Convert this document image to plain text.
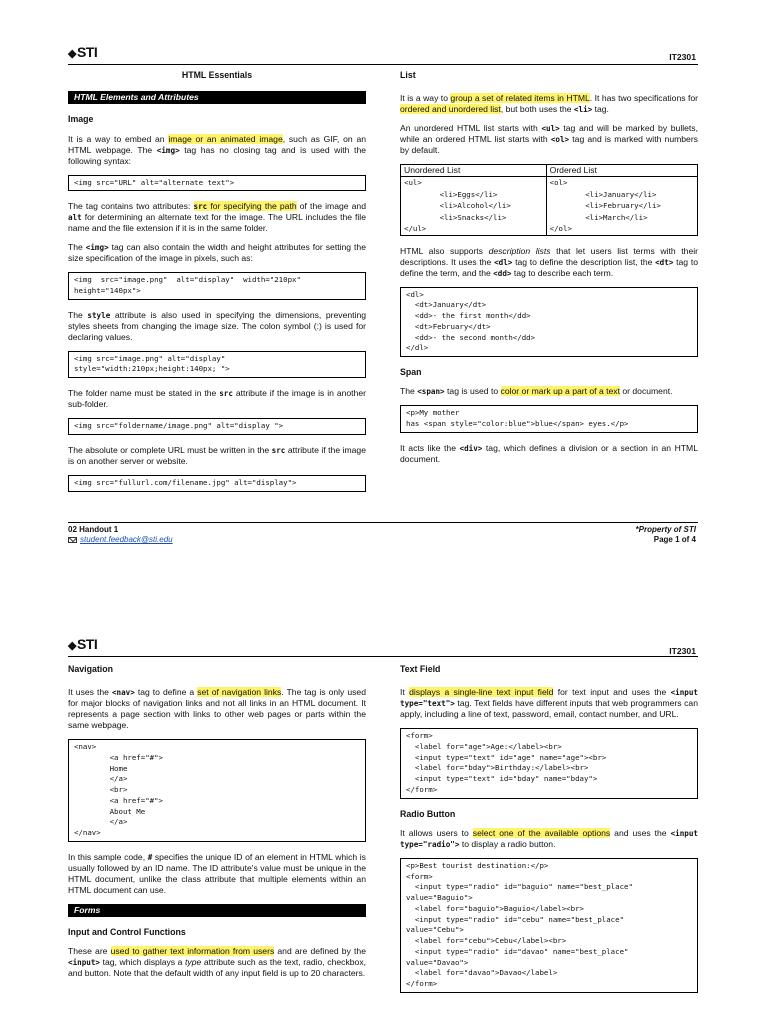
◆STI	IT2301
HTML Essentials
HTML Elements and Attributes
Image

It is a way to embed an image or an animated image, such as GIF, on an HTML webpage. The <img> tag has no closing tag and is used with the following syntax:

<img src="URL" alt="alternate text">

The tag contains two attributes: src for specifying the path of the image and alt for determining an alternate text for the image. The URL includes the file name and the file extension if it is in the same folder.

The <img> tag can also contain the width and height attributes for setting the size specification of the image in pixels, such as:

<img  src="image.png"  alt="display"  width="210px"
height="140px">

The style attribute is also used in specifying the dimensions, preventing styles sheets from changing the image size. The colon symbol (:) is used for declaring values.

<img src="image.png" alt="display"
style="width:210px;height:140px; ">

The folder name must be stated in the src attribute if the image is in another sub-folder.

<img src="foldername/image.png" alt="display ">

The absolute or complete URL must be written in the src attribute if the image is on another server or website.

<img src="fullurl.com/filename.jpg" alt="display">
List

It is a way to group a set of related items in HTML. It has two specifications for ordered and unordered list, but both uses the <li> tag.

An unordered HTML list starts with <ul> tag and will be marked by bullets, while an ordered HTML list starts with <ol> tag and is marked with numbers by default.

Unordered List	Ordered List
<ul>
<li>Eggs</li>
<li>Alcohol</li>
<li>Snacks</li>
</ul>	<ol>
<li>January</li>
<li>February</li>
<li>March</li>
</ol>

HTML also supports description lists that let users list terms with their descriptions. It uses the <dl> tag to define the description list, the <dt> tag to define the term, and the <dd> tag to describe each term.

<dl>
<dt>January</dt>
<dd>- the first month</dd>
<dt>February</dt>
<dd>- the second month</dd>
</dl>
Span

The <span> tag is used to color or mark up a part of a text or document.

<p>My mother
has <span style="color:blue">blue</span> eyes.</p>

It acts like the <div> tag, which defines a division or a section in an HTML document.

02 Handout 1
student.feedback@sti.edu
*Property of STI
Page 1 of 4
◆STI	IT2301
Navigation

It uses the <nav> tag to define a set of navigation links. The tag is only used for major blocks of navigation links and not all links in an HTML document. It represents a page section with links to other web pages or parts within the same webpage.

<nav>
<a href="#">
Home
</a>
<br>
<a href="#">
About Me
</a>
</nav>

In this sample code, # specifies the unique ID of an element in HTML which is usually followed by an ID name. The ID attribute's value must be unique in the HTML document, unlike the class attribute that multiple elements within an HTML document can use.

Forms
Input and Control Functions

These are used to gather text information from users and are defined by the <input> tag, which displays a type attribute such as the text, radio, checkbox, and button. Note that the default width of any input field is up to 20 characters.

Text Field

It displays a single-line text input field for text input and uses the <input type="text"> tag. Text fields have different inputs that web programmers can apply, including a line of text, password, email, contact number, and URL.

<form>
<label for="age">Age:</label><br>
<input type="text" id="age" name="age"><br>
<label for="bday">Birthday:</label><br>
<input type="text" id="bday" name="bday">
</form>
Radio Button

It allows users to select one of the available options and uses the <input type="radio"> to display a radio button.

<p>Best tourist destination:</p>
<form>
<input type="radio" id="baguio" name="best_place"
value="Baguio">
<label for="baguio">Baguio</label><br>
<input type="radio" id="cebu" name="best_place"
value="Cebu">
<label for="cebu">Cebu</label><br>
<input type="radio" id="davao" name="best_place"
value="Davao">
<label for="davao">Davao</label>
</form>
